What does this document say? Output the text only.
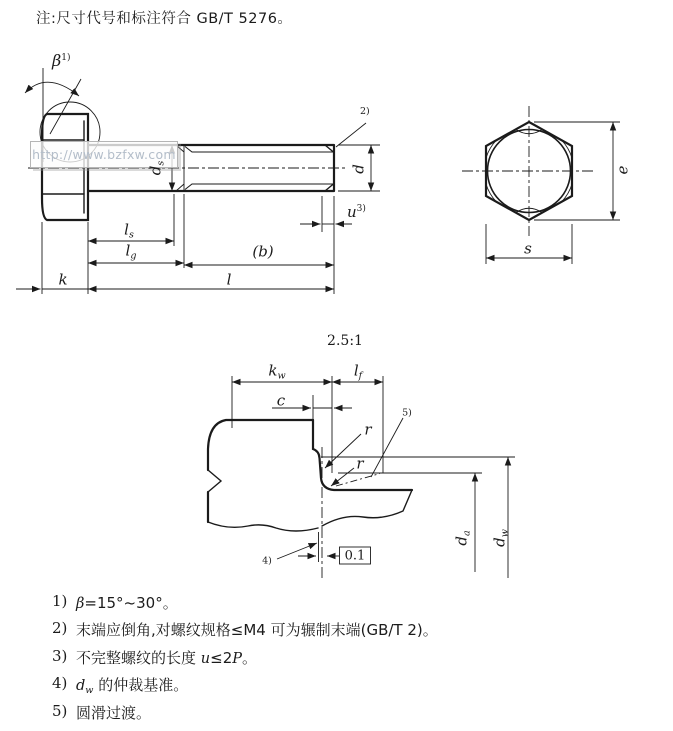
注:尺寸代号和标注符合 GB/T 5276。
http://www.bzfxw.com
$\beta^{1)}$
2)
$d_s$
d
$u^{3)}$
$l_s$
$l_g$	(b)
k	l
e
s
2.5:1
$k_w$	$l_f$
c
r
r
5)
4)	0.1
$d_a$
$d_w$
1) β=15°~30°。
2) 末端应倒角,对螺纹规格≤M4 可为辗制末端(GB/T 2)。
3) 不完整螺纹的长度 u≤2P。
4) $d_w$ 的仲裁基准。
5) 圆滑过渡。
